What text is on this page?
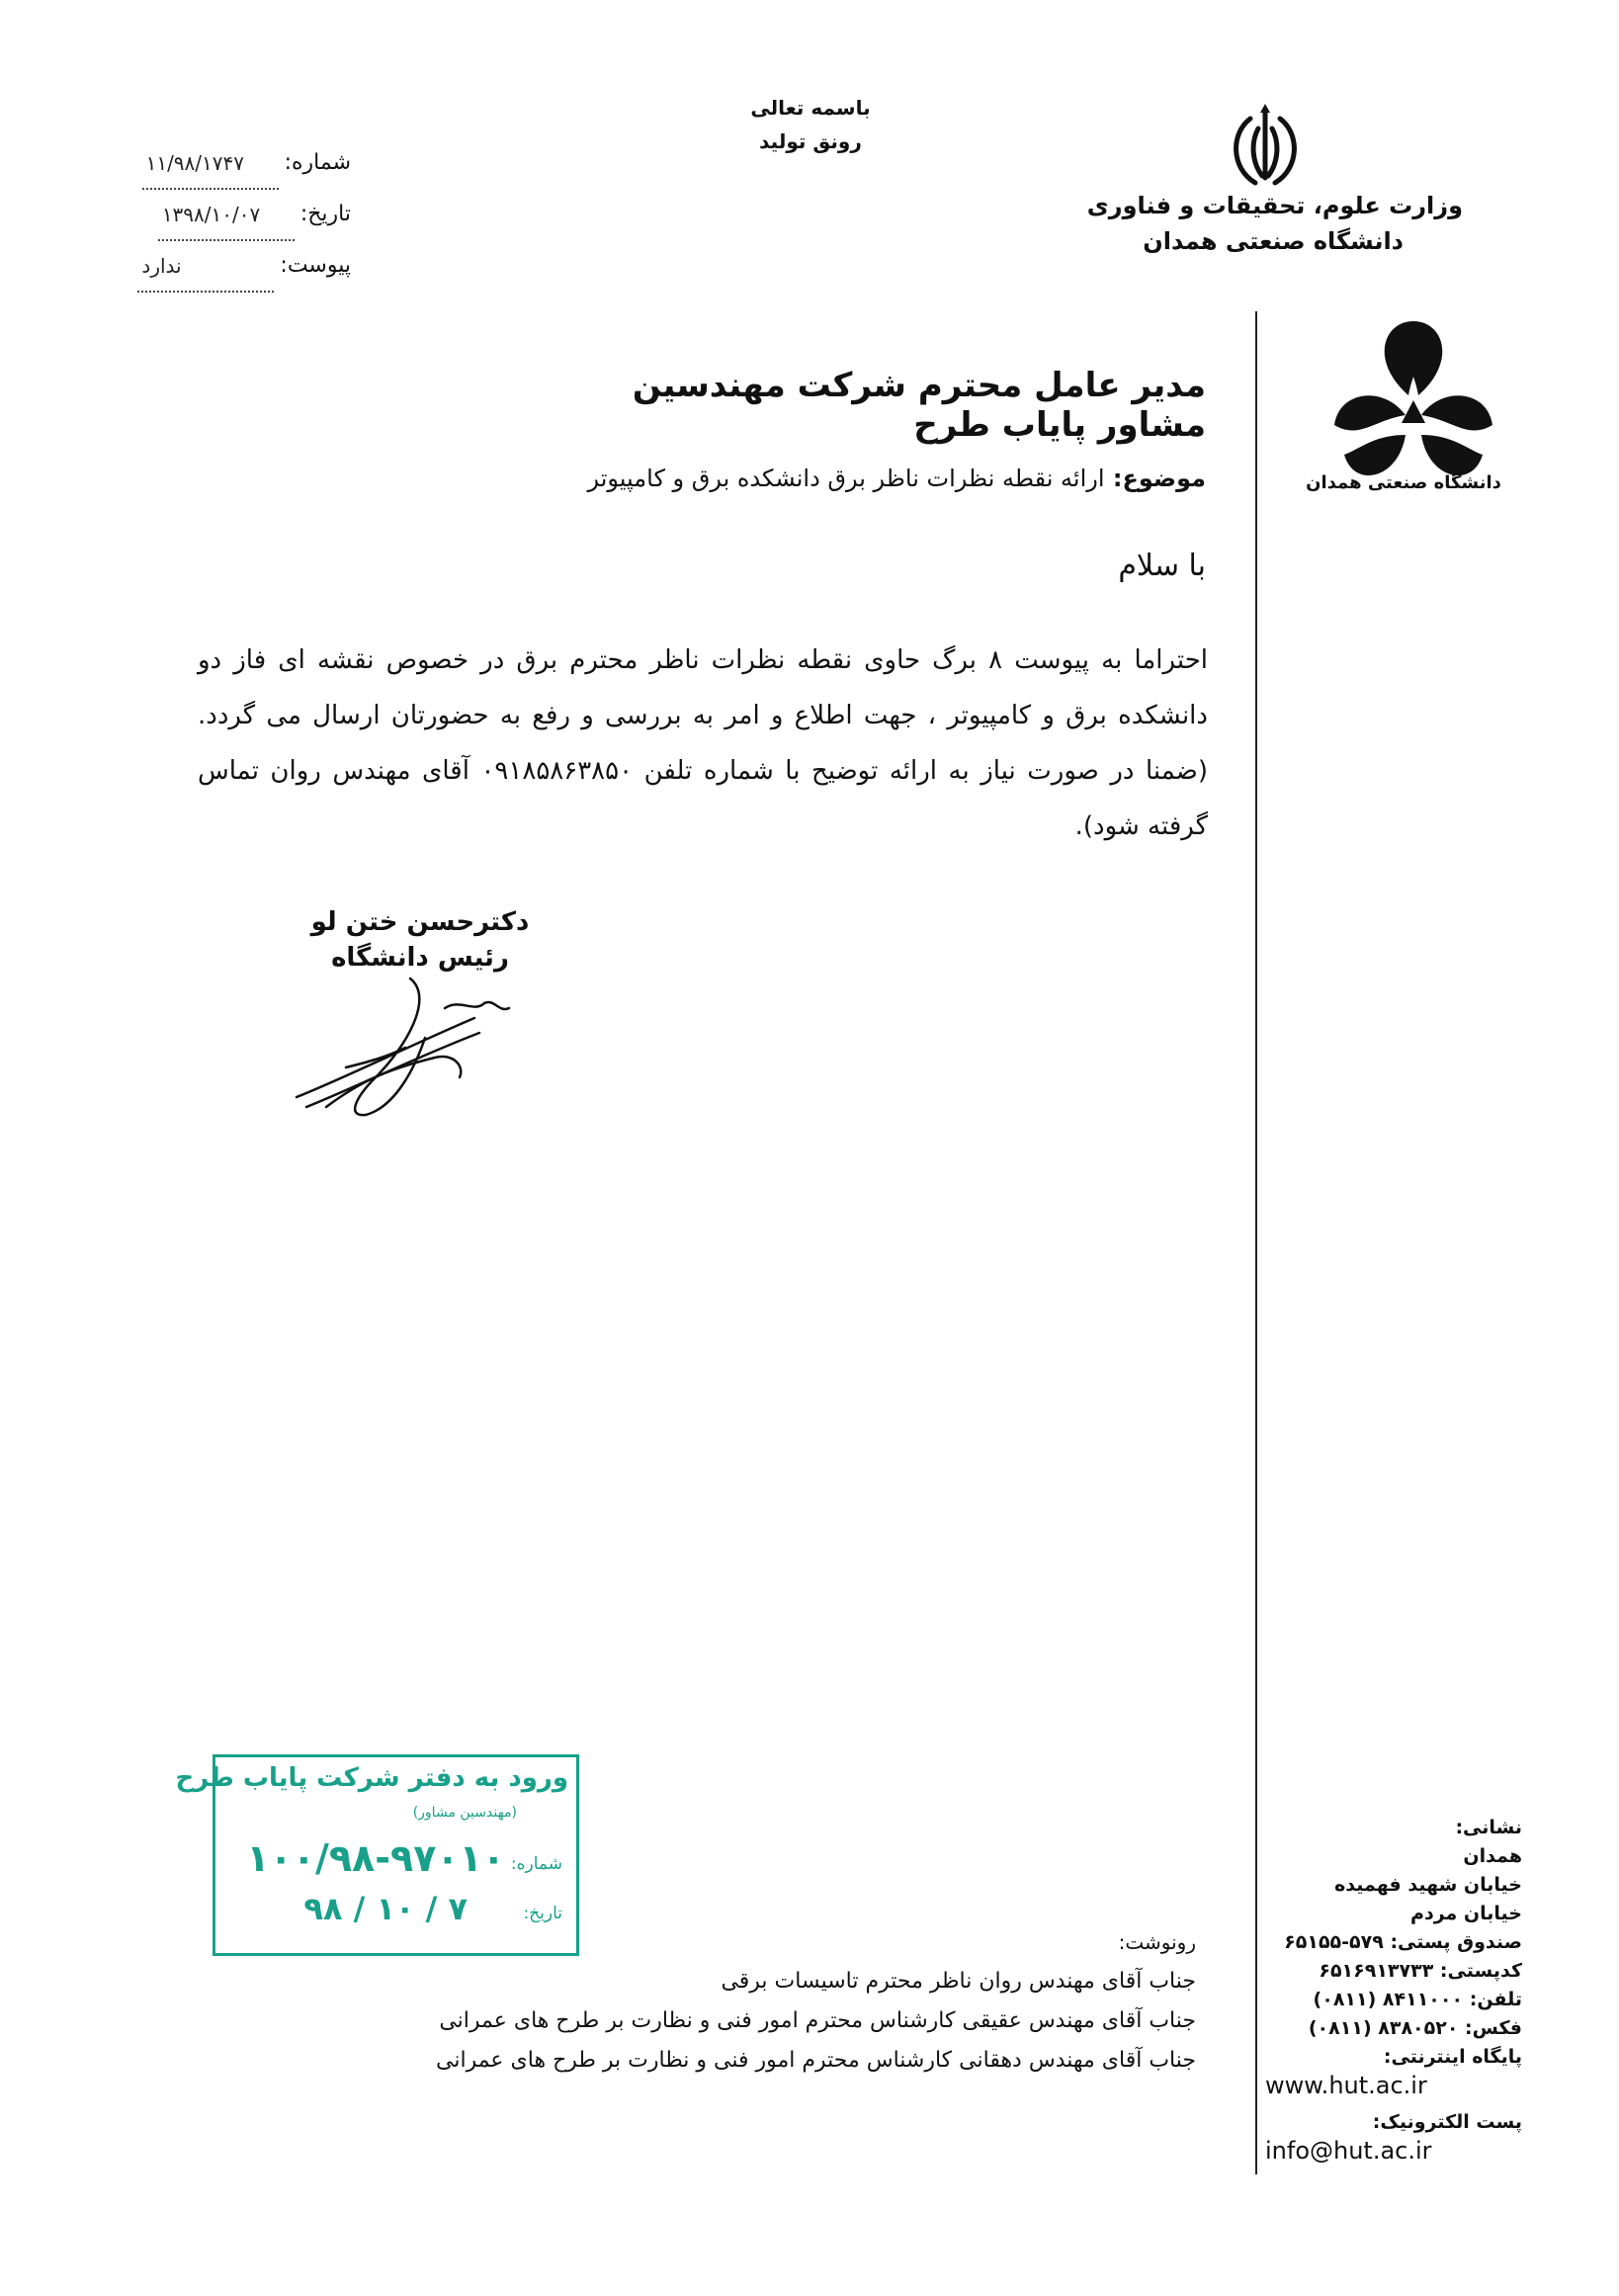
باسمه تعالی
رونق تولید
شماره:
۱۱/۹۸/۱۷۴۷
تاریخ:
۱۳۹۸/۱۰/۰۷
پیوست:
ندارد
وزارت علوم، تحقیقات و فناوری
دانشگاه صنعتی همدان
دانشگاه صنعتی همدان
مدیر عامل محترم شرکت مهندسین مشاور پایاب طرح
موضوع: ارائه نقطه نظرات ناظر برق دانشکده برق و کامپیوتر
با سلام
احتراما به پیوست ۸ برگ حاوی نقطه نظرات ناظر محترم برق در خصوص نقشه ای فاز دو دانشکده برق و کامپیوتر ، جهت اطلاع و امر به بررسی و رفع به حضورتان ارسال می گردد. (ضمنا در صورت نیاز به ارائه توضیح با شماره تلفن ۰۹۱۸۵۸۶۳۸۵۰ آقای مهندس روان تماس گرفته شود).
دکترحسن ختن لو
رئیس دانشگاه
ورود به دفتر شرکت پایاب طرح
(مهندسین مشاور)
شماره:
۱۰۰/۹۸-۹۷۰۱۰
تاریخ:
۹۸ / ۱۰ / ۷
رونوشت:
جناب آقای مهندس روان ناظر محترم تاسیسات برقی
جناب آقای مهندس عقیقی کارشناس محترم امور فنی و نظارت بر طرح های عمرانی
جناب آقای مهندس دهقانی کارشناس محترم امور فنی و نظارت بر طرح های عمرانی
نشانی:
همدان
خیابان شهید فهمیده
خیابان مردم
صندوق پستی: ۵۷۹-۶۵۱۵۵
کدپستی: ۶۵۱۶۹۱۳۷۳۳
تلفن: ۸۴۱۱۰۰۰ (۰۸۱۱)
فکس: ۸۳۸۰۵۲۰ (۰۸۱۱)
پایگاه اینترنتی:
www.hut.ac.ir
پست الکترونیک:
info@hut.ac.ir
